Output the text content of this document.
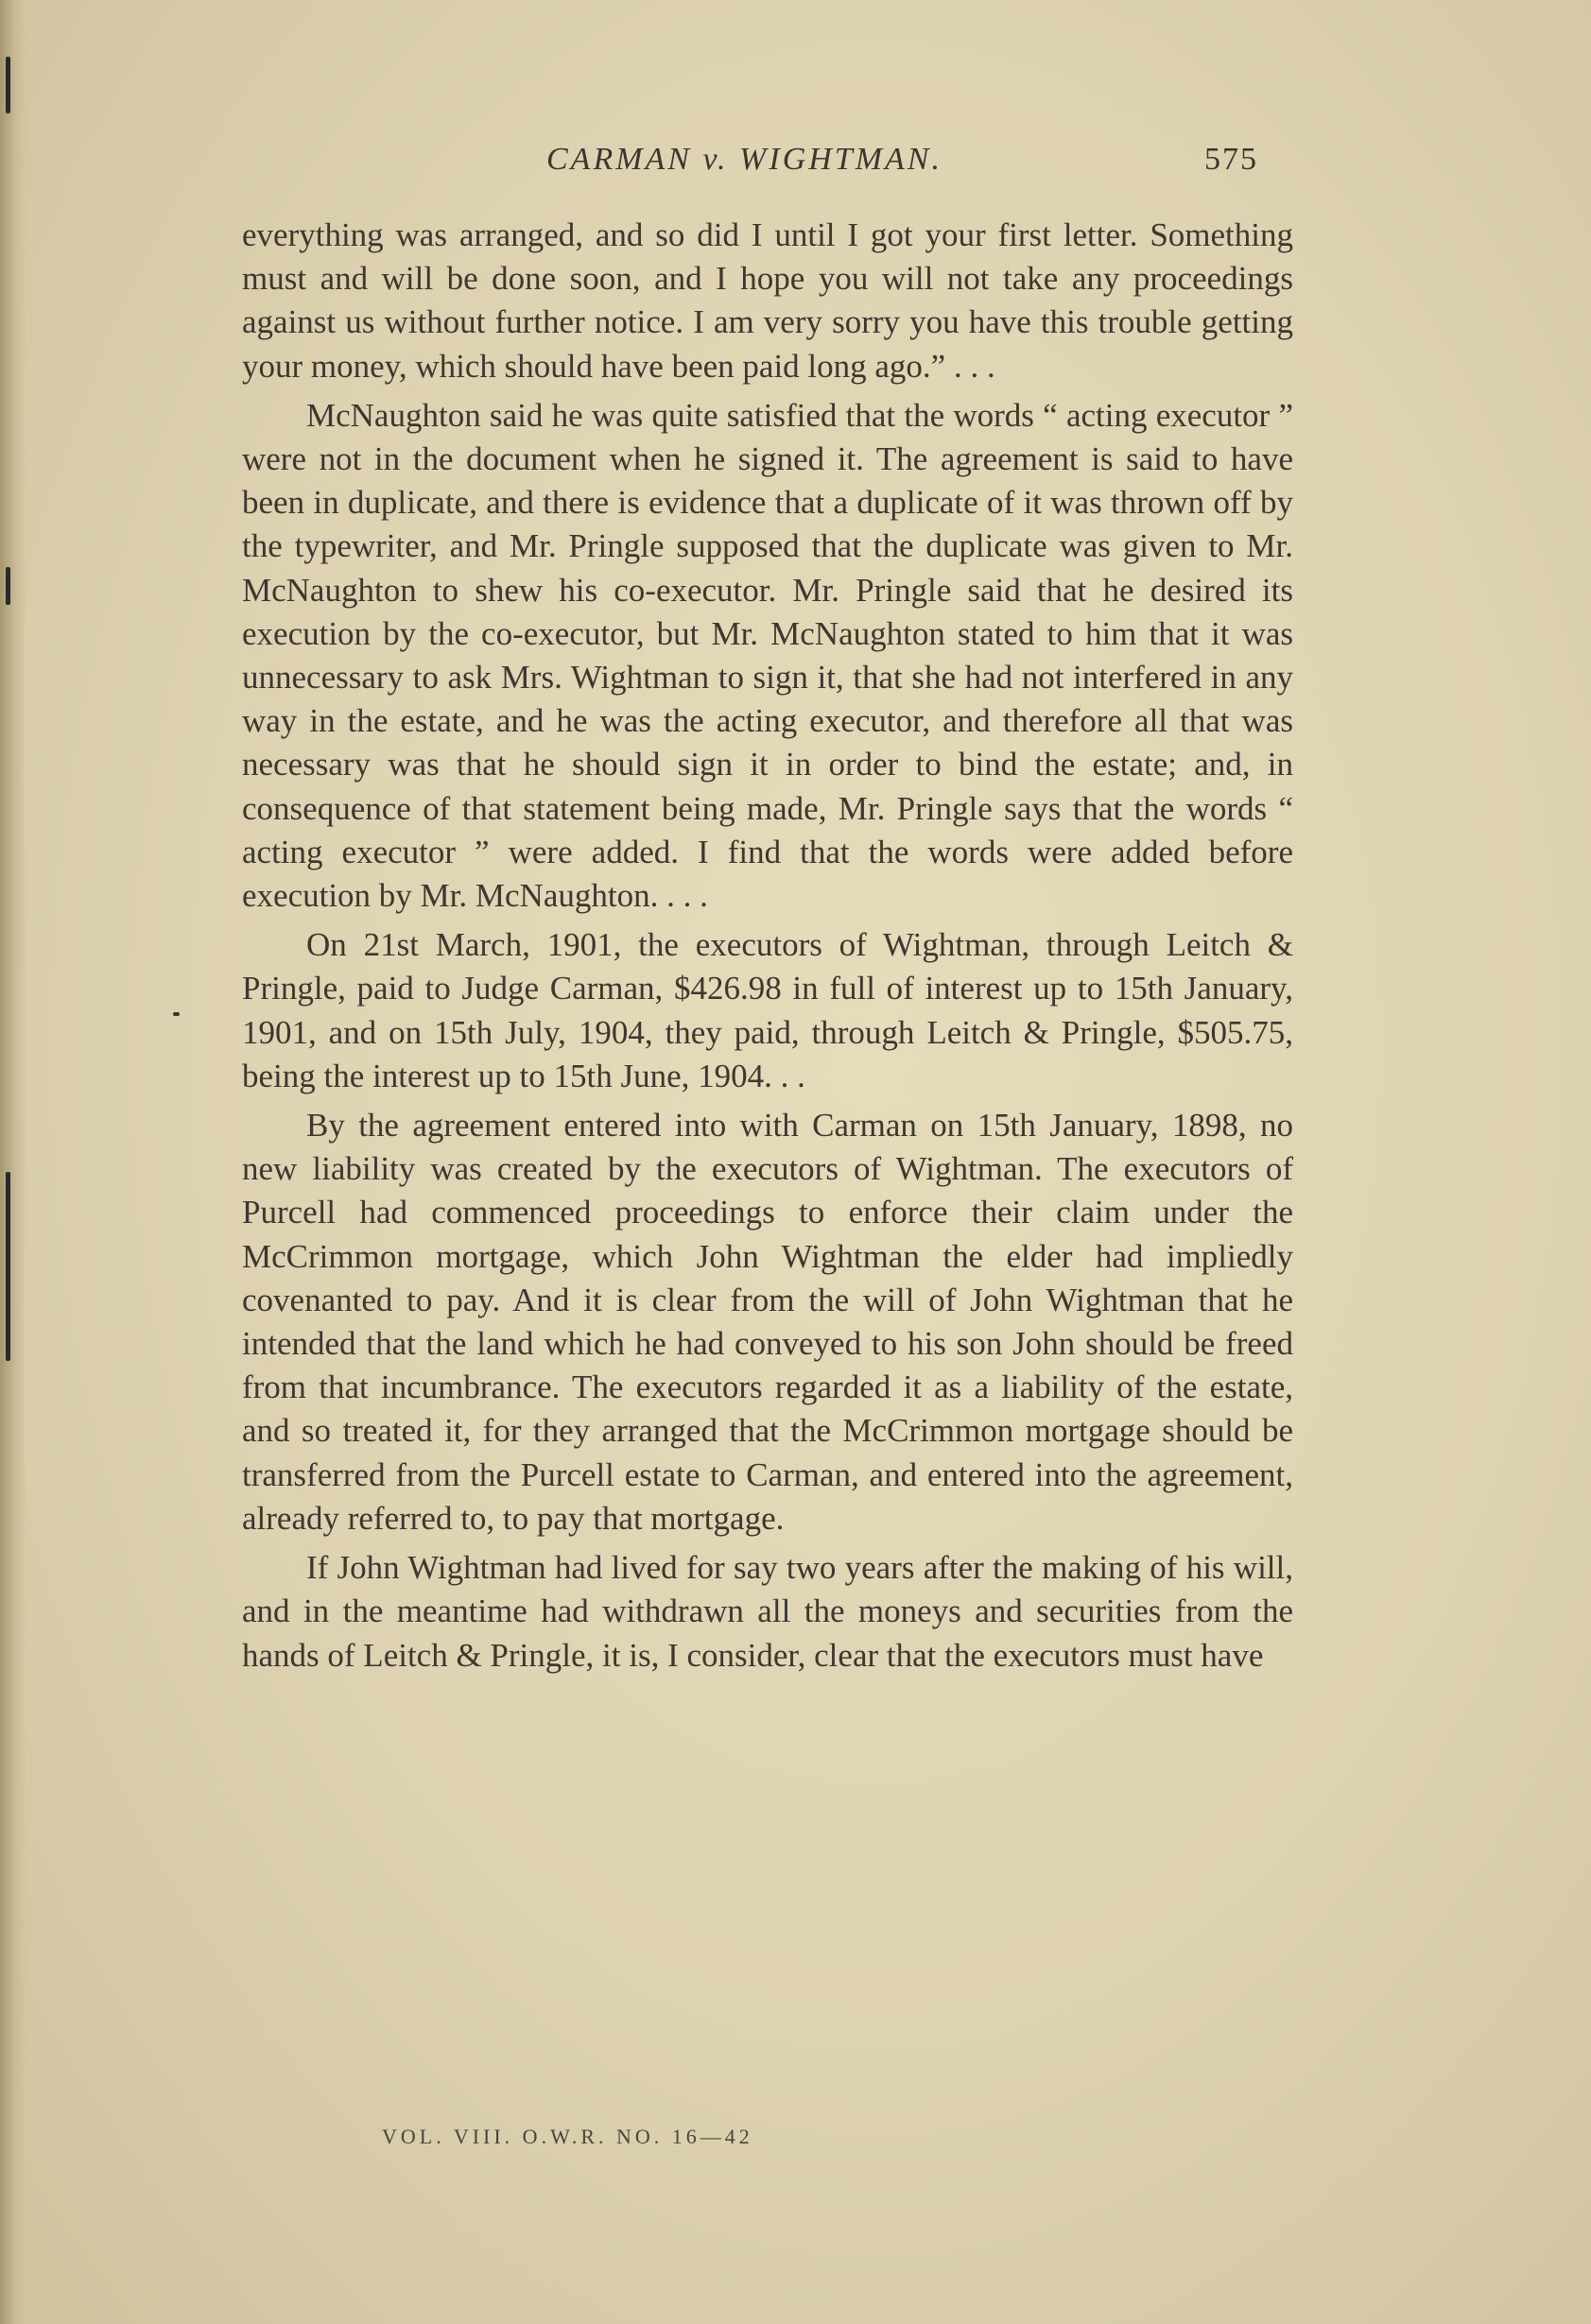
CARMAN v. WIGHTMAN.	575

everything was arranged, and so did I until I got your first letter. Something must and will be done soon, and I hope you will not take any proceedings against us without further notice. I am very sorry you have this trouble getting your money, which should have been paid long ago.” . . .

McNaughton said he was quite satisfied that the words “ acting executor ” were not in the document when he signed it. The agreement is said to have been in duplicate, and there is evidence that a duplicate of it was thrown off by the typewriter, and Mr. Pringle supposed that the duplicate was given to Mr. McNaughton to shew his co-executor. Mr. Pringle said that he desired its execution by the co-executor, but Mr. McNaughton stated to him that it was unnecessary to ask Mrs. Wightman to sign it, that she had not interfered in any way in the estate, and he was the acting executor, and therefore all that was necessary was that he should sign it in order to bind the estate; and, in consequence of that statement being made, Mr. Pringle says that the words “ acting executor ” were added. I find that the words were added before execution by Mr. McNaughton. . . .

On 21st March, 1901, the executors of Wightman, through Leitch & Pringle, paid to Judge Carman, $426.98 in full of interest up to 15th January, 1901, and on 15th July, 1904, they paid, through Leitch & Pringle, $505.75, being the interest up to 15th June, 1904. . .

By the agreement entered into with Carman on 15th January, 1898, no new liability was created by the executors of Wightman. The executors of Purcell had commenced proceedings to enforce their claim under the McCrimmon mortgage, which John Wightman the elder had impliedly covenanted to pay. And it is clear from the will of John Wightman that he intended that the land which he had conveyed to his son John should be freed from that incumbrance. The executors regarded it as a liability of the estate, and so treated it, for they arranged that the McCrimmon mortgage should be transferred from the Purcell estate to Carman, and entered into the agreement, already referred to, to pay that mortgage.

If John Wightman had lived for say two years after the making of his will, and in the meantime had withdrawn all the moneys and securities from the hands of Leitch & Pringle, it is, I consider, clear that the executors must have

VOL. VIII. O.W.R. NO. 16—42
